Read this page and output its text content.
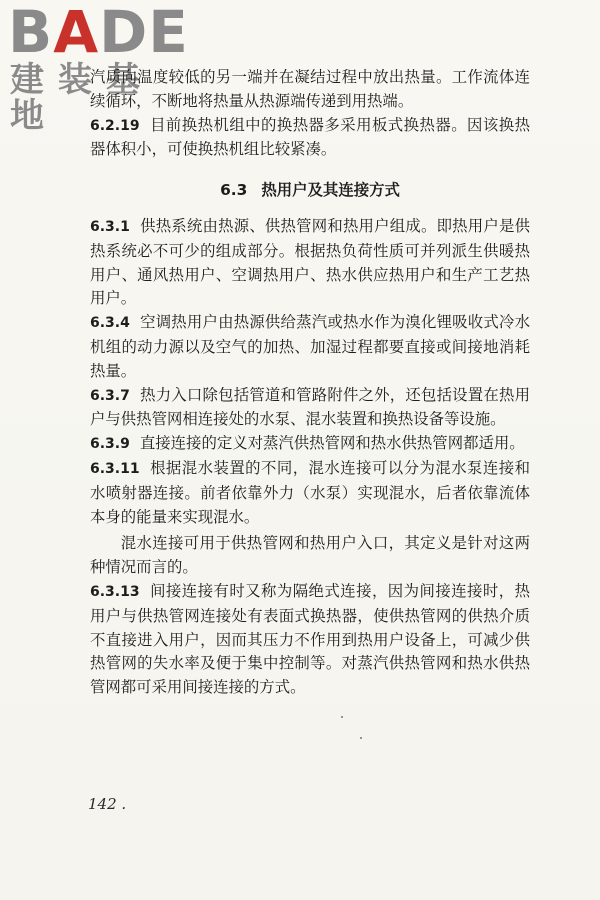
BADE
建装基地

汽质向温度较低的另一端并在凝结过程中放出热量。工作流体连续循环，不断地将热量从热源端传递到用热端。

6.2.19 目前换热机组中的换热器多采用板式换热器。因该换热器体积小，可使换热机组比较紧凑。

6.3 热用户及其连接方式

6.3.1 供热系统由热源、供热管网和热用户组成。即热用户是供热系统必不可少的组成部分。根据热负荷性质可并列派生供暖热用户、通风热用户、空调热用户、热水供应热用户和生产工艺热用户。

6.3.4 空调热用户由热源供给蒸汽或热水作为溴化锂吸收式冷水机组的动力源以及空气的加热、加湿过程都要直接或间接地消耗热量。

6.3.7 热力入口除包括管道和管路附件之外，还包括设置在热用户与供热管网相连接处的水泵、混水装置和换热设备等设施。

6.3.9 直接连接的定义对蒸汽供热管网和热水供热管网都适用。

6.3.11 根据混水装置的不同，混水连接可以分为混水泵连接和水喷射器连接。前者依靠外力（水泵）实现混水，后者依靠流体本身的能量来实现混水。

混水连接可用于供热管网和热用户入口，其定义是针对这两种情况而言的。

6.3.13 间接连接有时又称为隔绝式连接，因为间接连接时，热用户与供热管网连接处有表面式换热器，使供热管网的供热介质不直接进入用户，因而其压力不作用到热用户设备上，可减少供热管网的失水率及便于集中控制等。对蒸汽供热管网和热水供热管网都可采用间接连接的方式。

142 .
